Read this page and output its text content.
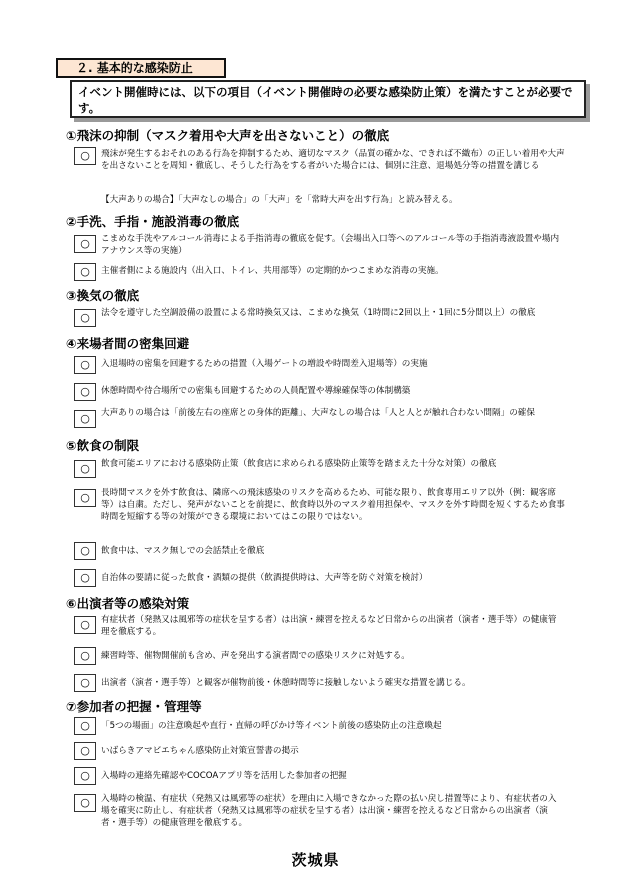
２. 基本的な感染防止
イベント開催時には、以下の項目（イベント開催時の必要な感染防止策）を満たすことが必要です。
①飛沫の抑制（マスク着用や大声を出さないこと）の徹底
○	飛沫が発生するおそれのある行為を抑制するため、適切なマスク（品質の確かな、できれば不織布）の正しい着用や大声を出さないことを周知・徹底し、そうした行為をする者がいた場合には、個別に注意、退場処分等の措置を講じる
【大声ありの場合】「大声なしの場合」の「大声」を「常時大声を出す行為」と読み替える。
②手洗、手指・施設消毒の徹底
○	こまめな手洗やアルコール消毒による手指消毒の徹底を促す。（会場出入口等へのアルコール等の手指消毒液設置や場内アナウンス等の実施）
○	主催者側による施設内（出入口、トイレ、共用部等）の定期的かつこまめな消毒の実施。
③換気の徹底
○	法令を遵守した空調設備の設置による常時換気又は、こまめな換気（1時間に2回以上・1回に5分間以上）の徹底
④来場者間の密集回避
○	入退場時の密集を回避するための措置（入場ゲートの増設や時間差入退場等）の実施
○	休憩時間や待合場所での密集も回避するための人員配置や導線確保等の体制構築
○	大声ありの場合は「前後左右の座席との身体的距離」、大声なしの場合は「人と人とが触れ合わない間隔」の確保
⑤飲食の制限
○	飲食可能エリアにおける感染防止策（飲食店に求められる感染防止策等を踏まえた十分な対策）の徹底
○	長時間マスクを外す飲食は、隣席への飛沫感染のリスクを高めるため、可能な限り、飲食専用エリア以外（例：観客席等）は自粛。ただし、発声がないことを前提に、飲食時以外のマスク着用担保や、マスクを外す時間を短くするため食事時間を短縮する等の対策ができる環境においてはこの限りではない。
○	飲食中は、マスク無しでの会話禁止を徹底
○	自治体の要請に従った飲食・酒類の提供（飲酒提供時は、大声等を防ぐ対策を検討）
⑥出演者等の感染対策
○	有症状者（発熱又は風邪等の症状を呈する者）は出演・練習を控えるなど日常からの出演者（演者・選手等）の健康管理を徹底する。
○	練習時等、催物開催前も含め、声を発出する演者間での感染リスクに対処する。
○	出演者（演者・選手等）と観客が催物前後・休憩時間等に接触しないよう確実な措置を講じる。
⑦参加者の把握・管理等
○	「5つの場面」の注意喚起や直行・直帰の呼びかけ等イベント前後の感染防止の注意喚起
○	いばらきアマビエちゃん感染防止対策宣誓書の掲示
○	入場時の連絡先確認やCOCOAアプリ等を活用した参加者の把握
○	入場時の検温、有症状（発熱又は風邪等の症状）を理由に入場できなかった際の払い戻し措置等により、有症状者の入場を確実に防止し、有症状者（発熱又は風邪等の症状を呈する者）は出演・練習を控えるなど日常からの出演者（演者・選手等）の健康管理を徹底する。
茨城県
